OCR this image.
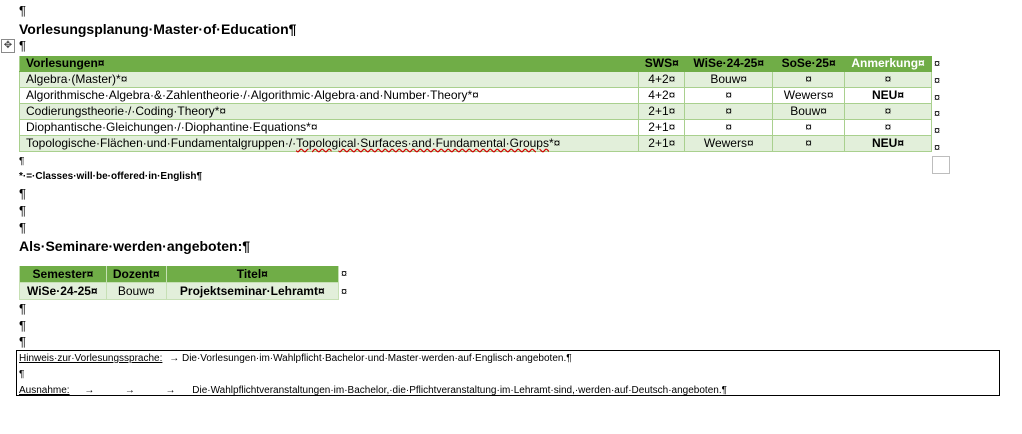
¶
Vorlesungsplanung·Master·of·Education¶
¶
✥
Vorlesungen¤	SWS¤	WiSe·24-25¤	SoSe·25¤	Anmerkung¤
Algebra·(Master)*¤	4+2¤	Bouw¤	¤	¤
Algorithmische·Algebra·&·Zahlentheorie·/·Algorithmic·Algebra·and·Number·Theory*¤	4+2¤	¤	Wewers¤	NEU¤
Codierungstheorie·/·Coding·Theory*¤	2+1¤	¤	Bouw¤	¤
Diophantische·Gleichungen·/·Diophantine·Equations*¤	2+1¤	¤	¤	¤
Topologische·Flächen·und·Fundamentalgruppen·/·Topological·Surfaces·and·Fundamental·Groups*¤	2+1¤	Wewers¤	¤	NEU¤
¤
¤
¤
¤
¤
¤
¶
*·=·Classes·will·be·offered·in·English¶
¶
¶
¶
Als·Seminare·werden·angeboten:¶
Semester¤	Dozent¤	Titel¤
WiSe·24-25¤	Bouw¤	Projektseminar·Lehramt¤
¤
¤
¶
¶
¶
Hinweis·zur·Vorlesungssprache: → Die·Vorlesungen·im·Wahlpflicht·Bachelor·und·Master·werden·auf·Englisch·angeboten.¶
¶
Ausnahme: →           →           → Die·Wahlpflichtveranstaltungen·im·Bachelor,·die·Pflichtveranstaltung·im·Lehramt·sind,·werden·auf·Deutsch·angeboten.¶
